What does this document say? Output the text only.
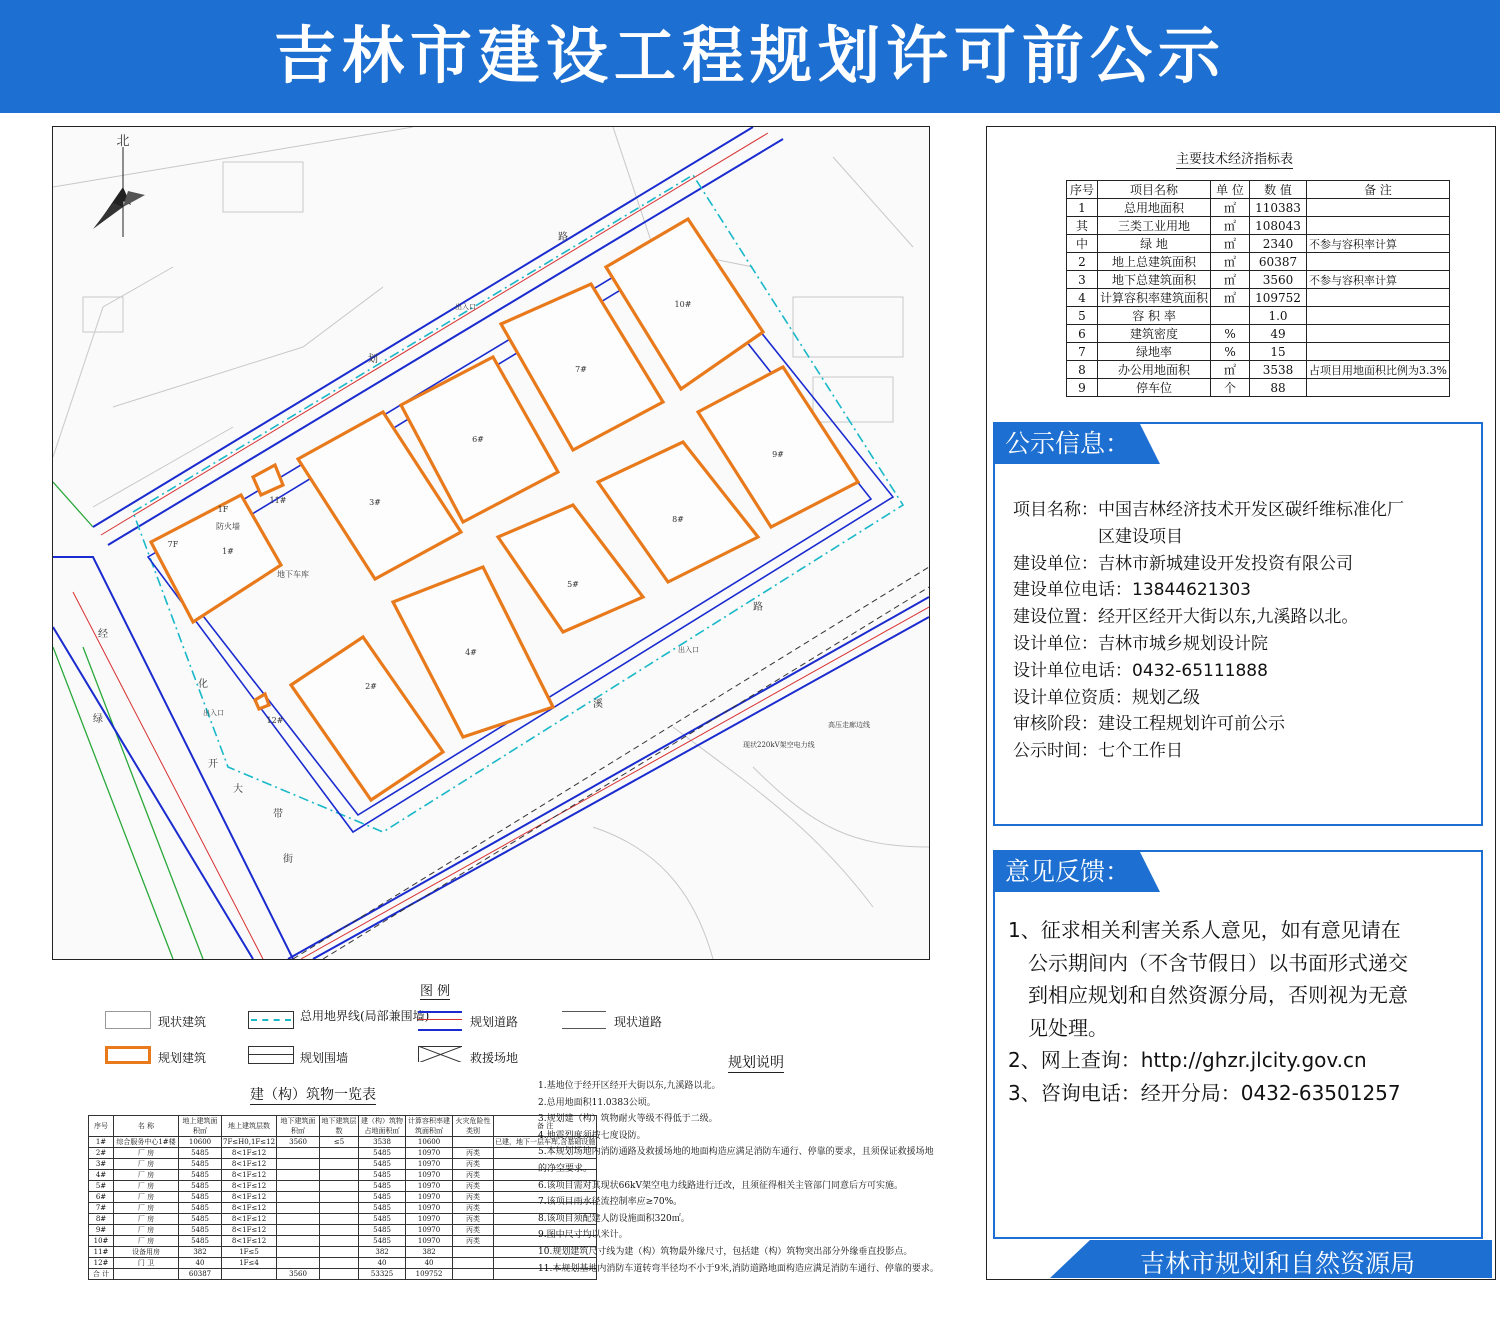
吉林市建设工程规划许可前公示
1#
2#
3#
4#
6#
5#
7#
8#
10#
9#
11#
12#
7F
1F
防火墙
地下车库
路
路
经
化
开
大
街
绿
带
溪
划
出入口
出入口
出入口
现状220kV架空电力线
高压走廊边线
北
主要技术经济指标表
序号	项目名称	单 位	数 值	备 注
1	总用地面积	㎡	110383	
其	三类工业用地	㎡	108043	
中	绿 地	㎡	2340	不参与容积率计算
2	地上总建筑面积	㎡	60387	
3	地下总建筑面积	㎡	3560	不参与容积率计算
4	计算容积率建筑面积	㎡	109752	
5	容 积 率		1.0	
6	建筑密度	%	49	
7	绿地率	%	15	
8	办公用地面积	㎡	3538	占项目用地面积比例为3.3%
9	停车位	个	88	
公示信息：
项目名称：中国吉林经济技术开发区碳纤维标准化厂
　　　　　区建设项目
建设单位：吉林市新城建设开发投资有限公司
建设单位电话：13844621303
建设位置：经开区经开大街以东,九溪路以北。
设计单位：吉林市城乡规划设计院
设计单位电话：0432-65111888
设计单位资质：规划乙级
审核阶段：建设工程规划许可前公示
公示时间：七个工作日
意见反馈：
1、征求相关利害关系人意见，如有意见请在
　公示期间内（不含节假日）以书面形式递交
　到相应规划和自然资源分局，否则视为无意
　见处理。
2、网上查询：http://ghzr.jlcity.gov.cn
3、咨询电话：经开分局：0432-63501257
吉林市规划和自然资源局
图 例
现状建筑	总用地界线(局部兼围墙)	规划道路	现状道路
规划建筑	规划围墙	救援场地
建（构）筑物一览表
序号	名 称	地上建筑面积㎡	地上建筑层数	地下建筑面积㎡	地下建筑层数	建（构）筑物占地面积㎡	计算容积率建筑面积㎡	火灾危险性类别	备 注
1#	综合服务中心1#楼	10600	7F≤H0,1F≤12	3560	≤5	3538	10600		已建，地下一层车库,含基础设施
2#	厂 房	5485	8<1F≤12			5485	10970	丙类	
3#	厂 房	5485	8<1F≤12			5485	10970	丙类	
4#	厂 房	5485	8<1F≤12			5485	10970	丙类	
5#	厂 房	5485	8<1F≤12			5485	10970	丙类	
6#	厂 房	5485	8<1F≤12			5485	10970	丙类	
7#	厂 房	5485	8<1F≤12			5485	10970	丙类	
8#	厂 房	5485	8<1F≤12			5485	10970	丙类	
9#	厂 房	5485	8<1F≤12			5485	10970	丙类	
10#	厂 房	5485	8<1F≤12			5485	10970	丙类	
11#	设备用房	382	1F≤5			382	382		
12#	门 卫	40	1F≤4			40	40		
合 计		60387		3560		53325	109752		
规划说明
1.基地位于经开区经开大街以东,九溪路以北。
2.总用地面积11.0383公顷。
3.规划建（构）筑物耐火等级不得低于二级。
4.地震烈度须按七度设防。
5.本规划场地内消防通路及救援场地的地面构造应满足消防车通行、停靠的要求，且须保证救援场地
的净空要求。
6.该项目需对其现状66kV架空电力线路进行迁改，且须征得相关主管部门同意后方可实施。
7.该项目雨水径流控制率应≥70%。
8.该项目须配建人防设施面积320㎡。
9.图中尺寸均以米计。
10.规划建筑尺寸线为建（构）筑物最外缘尺寸，包括建（构）筑物突出部分外缘垂直投影点。
11.本规划基地内消防车道转弯半径均不小于9米,消防道路地面构造应满足消防车通行、停靠的要求。
